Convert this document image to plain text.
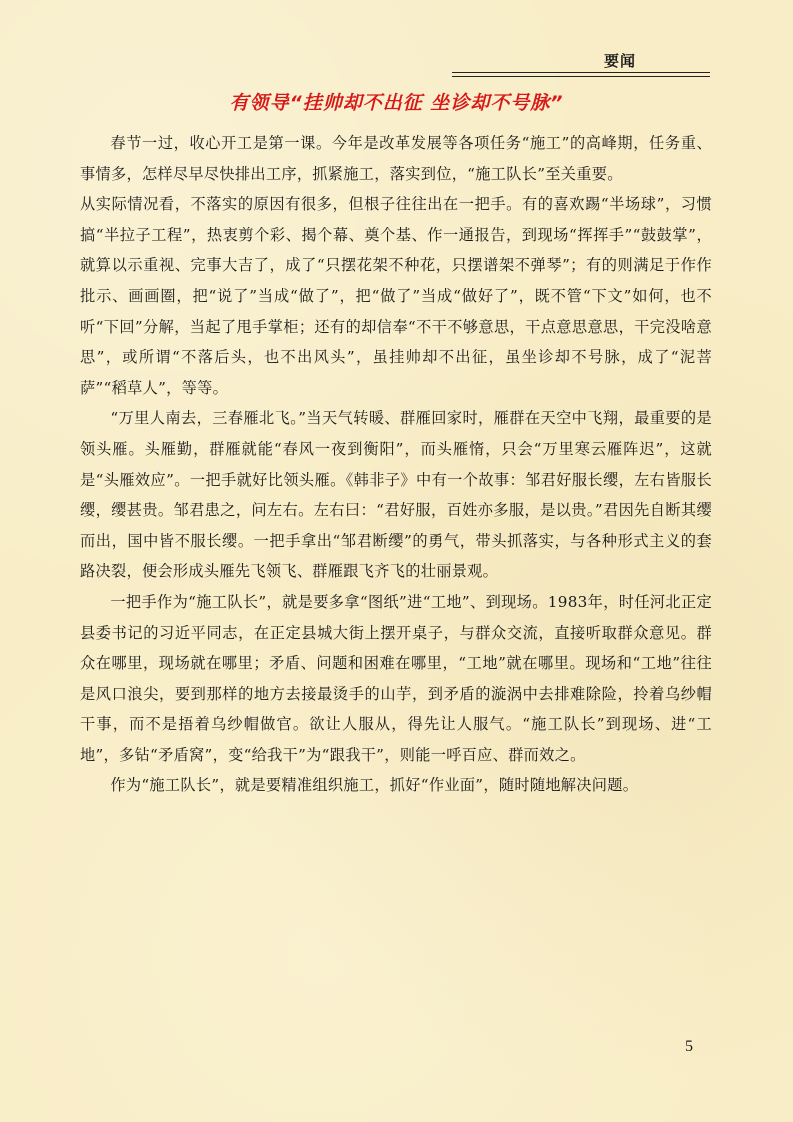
要闻
有领导“挂帅却不出征 坐诊却不号脉”

春节一过，收心开工是第一课。今年是改革发展等各项任务“施工”的高峰期，任务重、事情多，怎样尽早尽快排出工序，抓紧施工，落实到位，“施工队长”至关重要。

从实际情况看，不落实的原因有很多，但根子往往出在一把手。有的喜欢踢“半场球”，习惯搞“半拉子工程”，热衷剪个彩、揭个幕、奠个基、作一通报告，到现场“挥挥手”“鼓鼓掌”，就算以示重视、完事大吉了，成了“只摆花架不种花，只摆谱架不弹琴”；有的则满足于作作批示、画画圈，把“说了”当成“做了”，把“做了”当成“做好了”，既不管“下文”如何，也不听“下回”分解，当起了甩手掌柜；还有的却信奉“不干不够意思，干点意思意思，干完没啥意思”，或所谓“不落后头，也不出风头”，虽挂帅却不出征，虽坐诊却不号脉，成了“泥菩萨”“稻草人”，等等。

“万里人南去，三春雁北飞。”当天气转暖、群雁回家时，雁群在天空中飞翔，最重要的是领头雁。头雁勤，群雁就能“春风一夜到衡阳”，而头雁惰，只会“万里寒云雁阵迟”，这就是“头雁效应”。一把手就好比领头雁。《韩非子》中有一个故事：邹君好服长缨，左右皆服长缨，缨甚贵。邹君患之，问左右。左右曰：“君好服，百姓亦多服，是以贵。”君因先自断其缨而出，国中皆不服长缨。一把手拿出“邹君断缨”的勇气，带头抓落实，与各种形式主义的套路决裂，便会形成头雁先飞领飞、群雁跟飞齐飞的壮丽景观。

一把手作为“施工队长”，就是要多拿“图纸”进“工地”、到现场。1983年，时任河北正定县委书记的习近平同志，在正定县城大街上摆开桌子，与群众交流，直接听取群众意见。群众在哪里，现场就在哪里；矛盾、问题和困难在哪里，“工地”就在哪里。现场和“工地”往往是风口浪尖，要到那样的地方去接最烫手的山芋，到矛盾的漩涡中去排难除险，拎着乌纱帽干事，而不是捂着乌纱帽做官。欲让人服从，得先让人服气。“施工队长”到现场、进“工地”，多钻“矛盾窝”，变“给我干”为“跟我干”，则能一呼百应、群而效之。

作为“施工队长”，就是要精准组织施工，抓好“作业面”，随时随地解决问题。

5
